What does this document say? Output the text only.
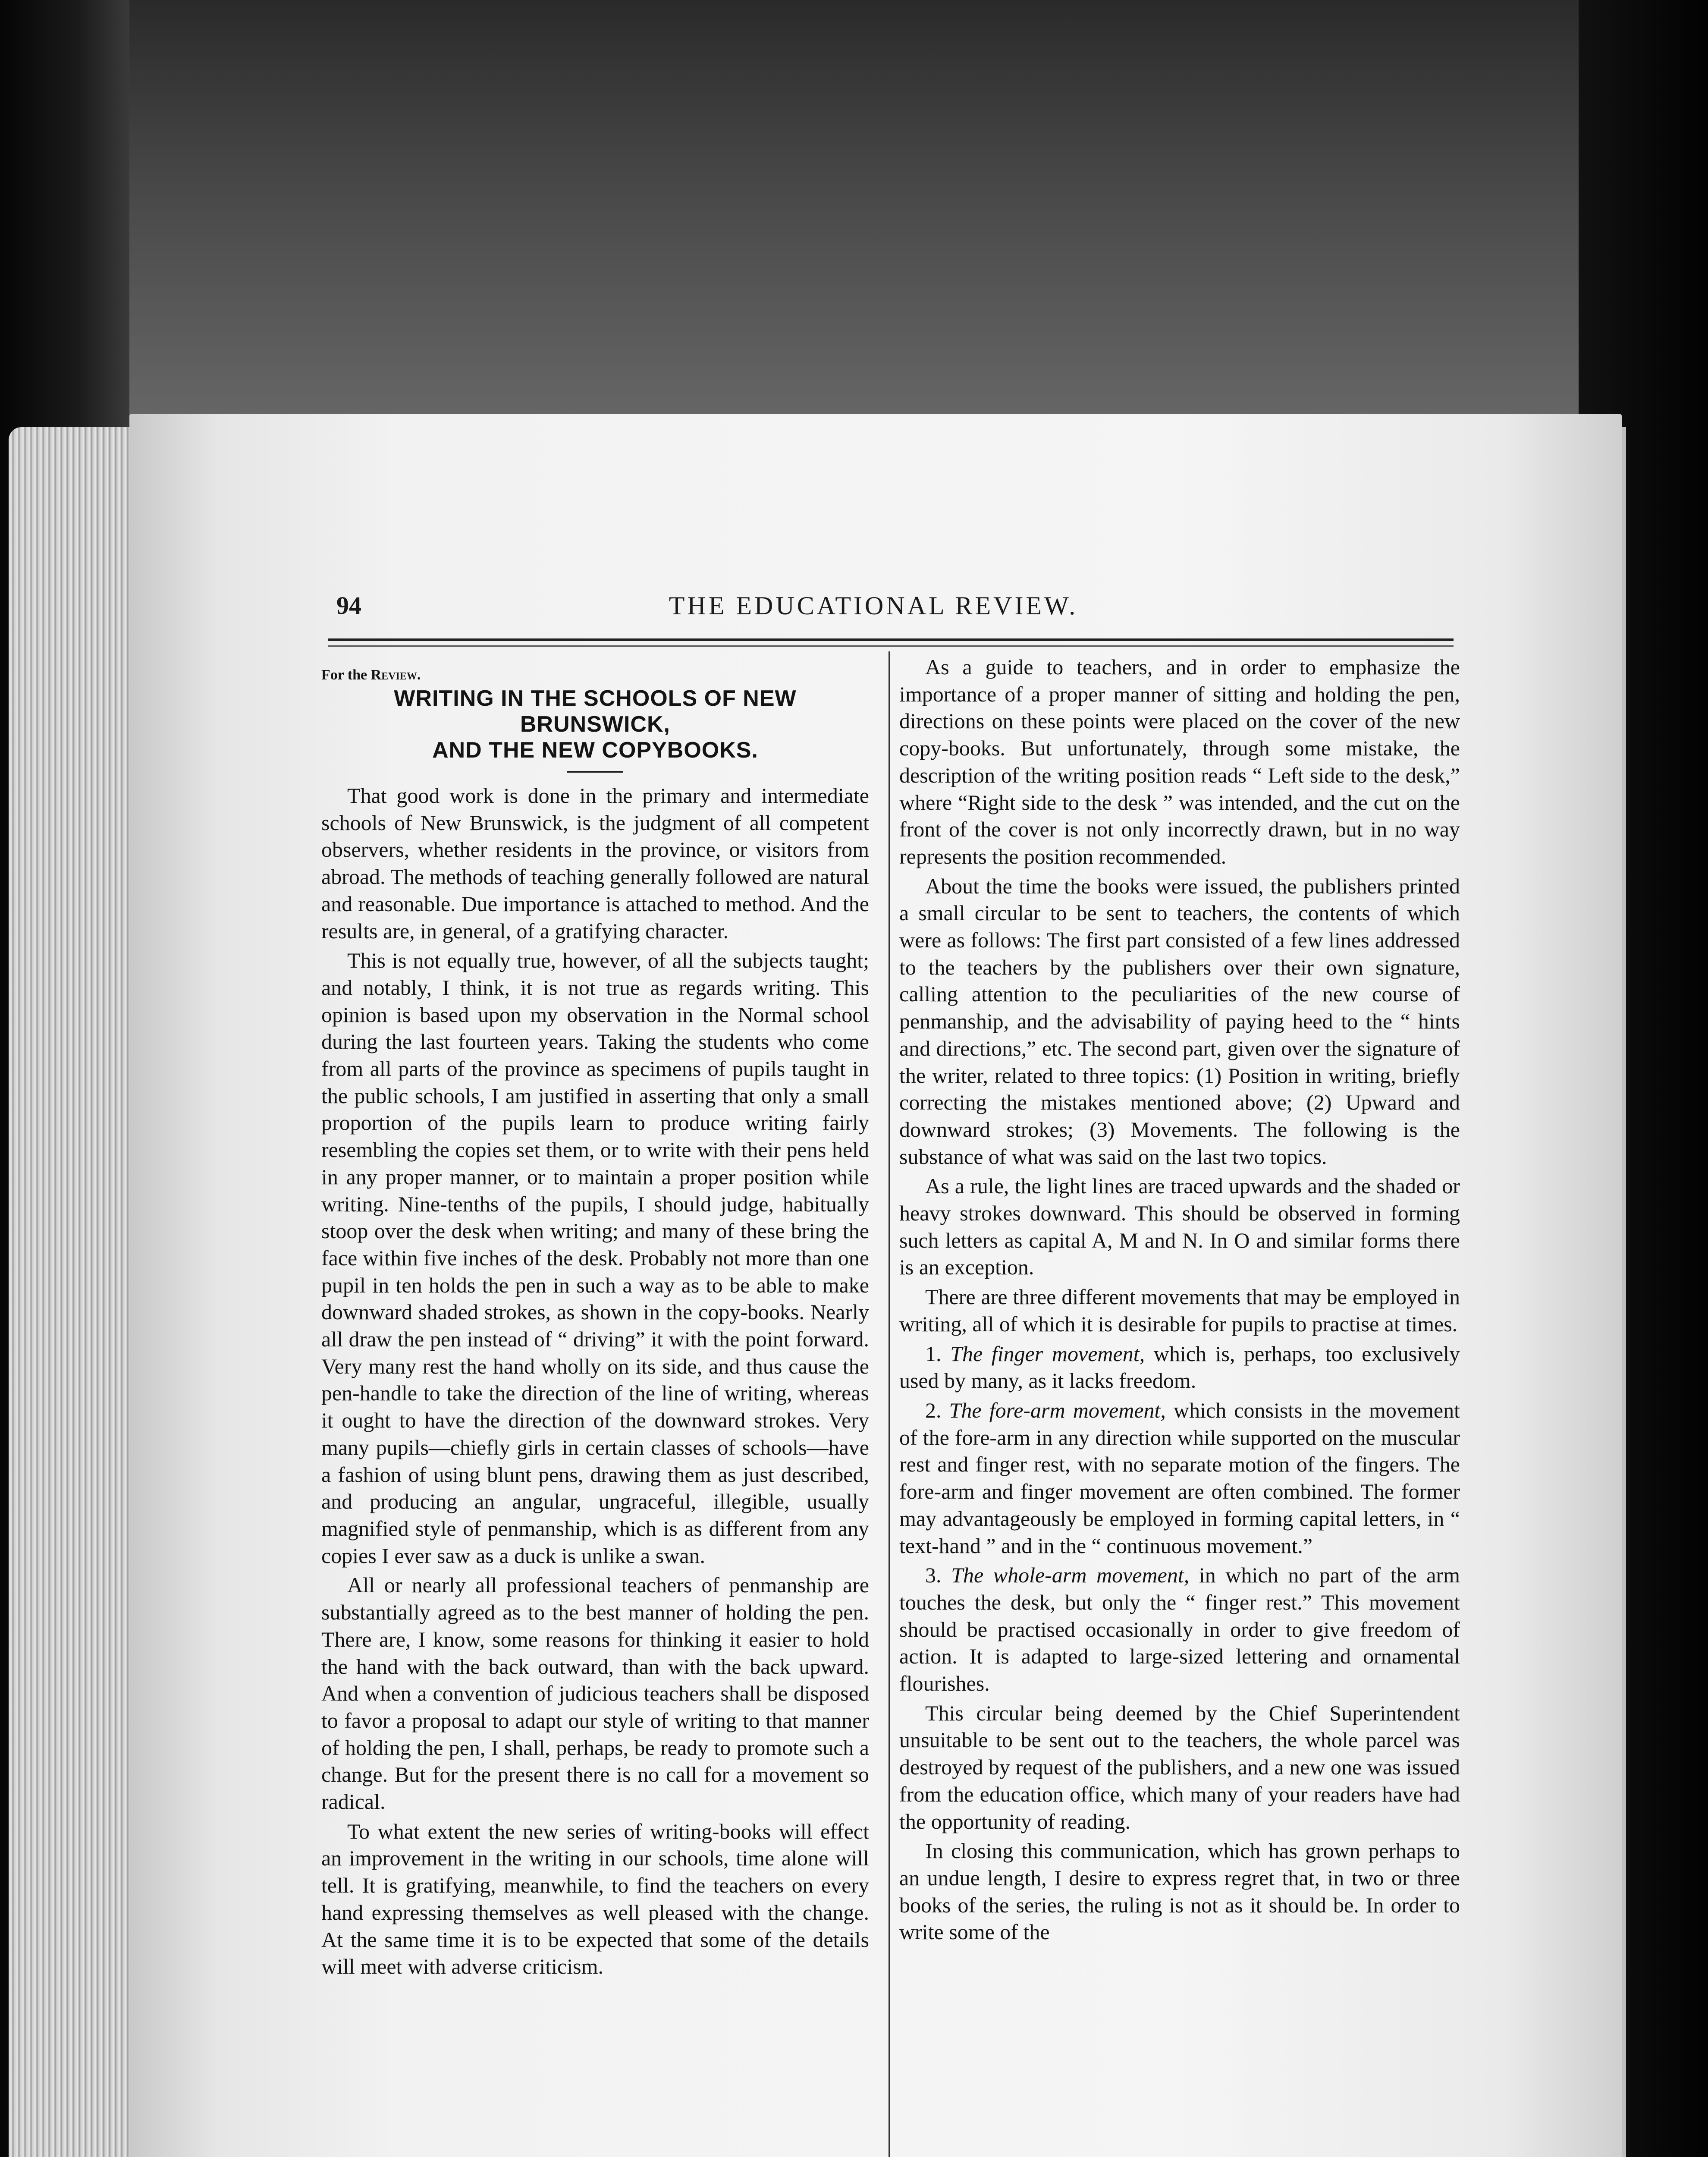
94	THE EDUCATIONAL REVIEW.
For the Review.
WRITING IN THE SCHOOLS OF NEW BRUNSWICK,
AND THE NEW COPYBOOKS.

That good work is done in the primary and intermediate schools of New Brunswick, is the judgment of all competent observers, whether residents in the province, or visitors from abroad. The methods of teaching generally followed are natural and reasonable. Due importance is attached to method. And the results are, in general, of a gratifying character.

This is not equally true, however, of all the subjects taught; and notably, I think, it is not true as regards writing. This opinion is based upon my observation in the Normal school during the last fourteen years. Taking the students who come from all parts of the province as specimens of pupils taught in the public schools, I am justified in asserting that only a small proportion of the pupils learn to produce writing fairly resembling the copies set them, or to write with their pens held in any proper manner, or to maintain a proper position while writing. Nine-tenths of the pupils, I should judge, habitually stoop over the desk when writing; and many of these bring the face within five inches of the desk. Probably not more than one pupil in ten holds the pen in such a way as to be able to make downward shaded strokes, as shown in the copy-books. Nearly all draw the pen instead of “ driving” it with the point forward. Very many rest the hand wholly on its side, and thus cause the pen-handle to take the direction of the line of writing, whereas it ought to have the direction of the downward strokes. Very many pupils—chiefly girls in certain classes of schools—have a fashion of using blunt pens, drawing them as just described, and producing an angular, ungraceful, illegible, usually magnified style of penmanship, which is as different from any copies I ever saw as a duck is unlike a swan.

All or nearly all professional teachers of penmanship are substantially agreed as to the best manner of holding the pen. There are, I know, some reasons for thinking it easier to hold the hand with the back outward, than with the back upward. And when a convention of judicious teachers shall be disposed to favor a proposal to adapt our style of writing to that manner of holding the pen, I shall, perhaps, be ready to promote such a change. But for the present there is no call for a movement so radical.

To what extent the new series of writing-books will effect an improvement in the writing in our schools, time alone will tell. It is gratifying, meanwhile, to find the teachers on every hand expressing themselves as well pleased with the change. At the same time it is to be expected that some of the details will meet with adverse criticism.

As a guide to teachers, and in order to emphasize the importance of a proper manner of sitting and holding the pen, directions on these points were placed on the cover of the new copy-books. But unfortunately, through some mistake, the description of the writing position reads “ Left side to the desk,” where “Right side to the desk ” was intended, and the cut on the front of the cover is not only incorrectly drawn, but in no way represents the position recommended.

About the time the books were issued, the publishers printed a small circular to be sent to teachers, the contents of which were as follows: The first part consisted of a few lines addressed to the teachers by the publishers over their own signature, calling attention to the peculiarities of the new course of penmanship, and the advisability of paying heed to the “ hints and directions,” etc. The second part, given over the signature of the writer, related to three topics: (1) Position in writing, briefly correcting the mistakes mentioned above; (2) Upward and downward strokes; (3) Movements. The following is the substance of what was said on the last two topics.

As a rule, the light lines are traced upwards and the shaded or heavy strokes downward. This should be observed in forming such letters as capital A, M and N. In O and similar forms there is an exception.

There are three different movements that may be employed in writing, all of which it is desirable for pupils to practise at times.

1. The finger movement, which is, perhaps, too exclusively used by many, as it lacks freedom.

2. The fore-arm movement, which consists in the movement of the fore-arm in any direction while supported on the muscular rest and finger rest, with no separate motion of the fingers. The fore-arm and finger movement are often combined. The former may advantageously be employed in forming capital letters, in “ text-hand ” and in the “ continuous movement.”

3. The whole-arm movement, in which no part of the arm touches the desk, but only the “ finger rest.” This movement should be practised occasionally in order to give freedom of action. It is adapted to large-sized lettering and ornamental flourishes.

This circular being deemed by the Chief Superintendent unsuitable to be sent out to the teachers, the whole parcel was destroyed by request of the publishers, and a new one was issued from the education office, which many of your readers have had the opportunity of reading.

In closing this communication, which has grown perhaps to an undue length, I desire to express regret that, in two or three books of the series, the ruling is not as it should be. In order to write some of the
